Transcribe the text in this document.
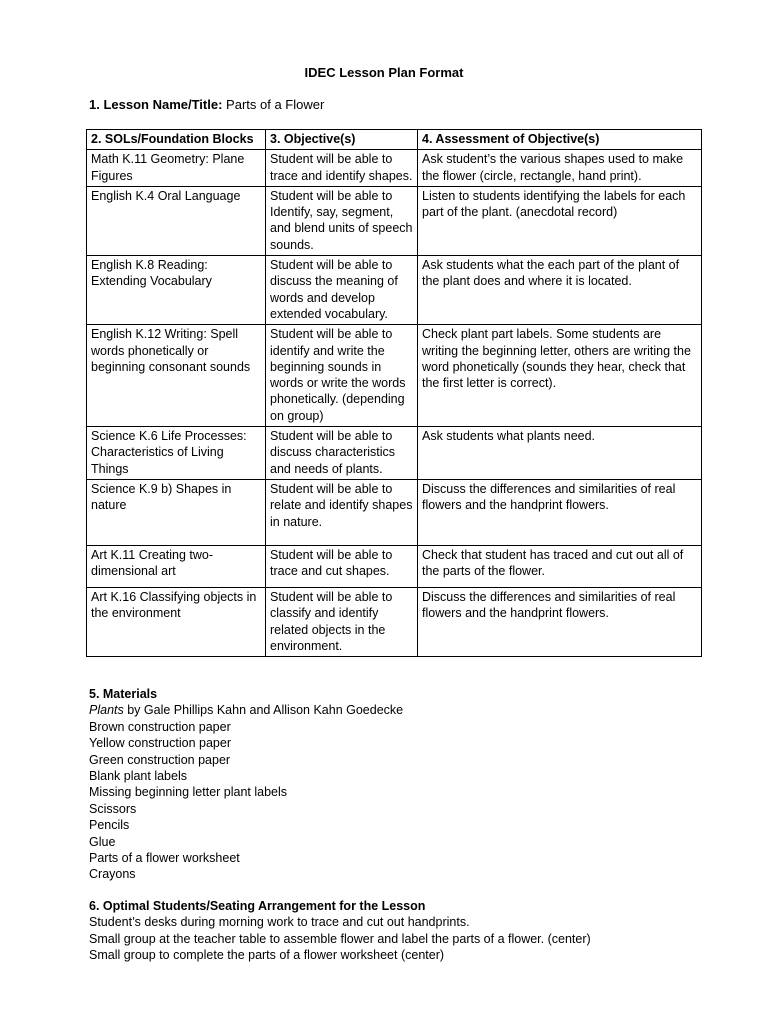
IDEC Lesson Plan Format
1. Lesson Name/Title: Parts of a Flower
2. SOLs/Foundation Blocks	3. Objective(s)	4. Assessment of Objective(s)
Math K.11 Geometry: Plane Figures	Student will be able to trace and identify shapes.	Ask student’s the various shapes used to make the flower (circle, rectangle, hand print).
English K.4 Oral Language	Student will be able to Identify, say, segment, and blend units of speech sounds.	Listen to students identifying the labels for each part of the plant. (anecdotal record)
English K.8 Reading: Extending Vocabulary	Student will be able to discuss the meaning of words and develop extended vocabulary.	Ask students what the each part of the plant of the plant does and where it is located.
English K.12 Writing: Spell words phonetically or beginning consonant sounds	Student will be able to identify and write the beginning sounds in words or write the words phonetically. (depending on group)	Check plant part labels. Some students are writing the beginning letter, others are writing the word phonetically (sounds they hear, check that the first letter is correct).
Science K.6 Life Processes: Characteristics of Living Things	Student will be able to discuss characteristics and needs of plants.	Ask students what plants need.
Science K.9 b) Shapes in nature	Student will be able to relate and identify shapes in nature.	Discuss the differences and similarities of real flowers and the handprint flowers.
Art K.11 Creating two-dimensional art	Student will be able to trace and cut shapes.	Check that student has traced and cut out all of the parts of the flower.
Art K.16 Classifying objects in the environment	Student will be able to classify and identify related objects in the environment.	Discuss the differences and similarities of real flowers and the handprint flowers.
5. Materials
Plants by Gale Phillips Kahn and Allison Kahn Goedecke
Brown construction paper
Yellow construction paper
Green construction paper
Blank plant labels
Missing beginning letter plant labels
Scissors
Pencils
Glue
Parts of a flower worksheet
Crayons
6. Optimal Students/Seating Arrangement for the Lesson
Student’s desks during morning work to trace and cut out handprints.
Small group at the teacher table to assemble flower and label the parts of a flower. (center)
Small group to complete the parts of a flower worksheet (center)
